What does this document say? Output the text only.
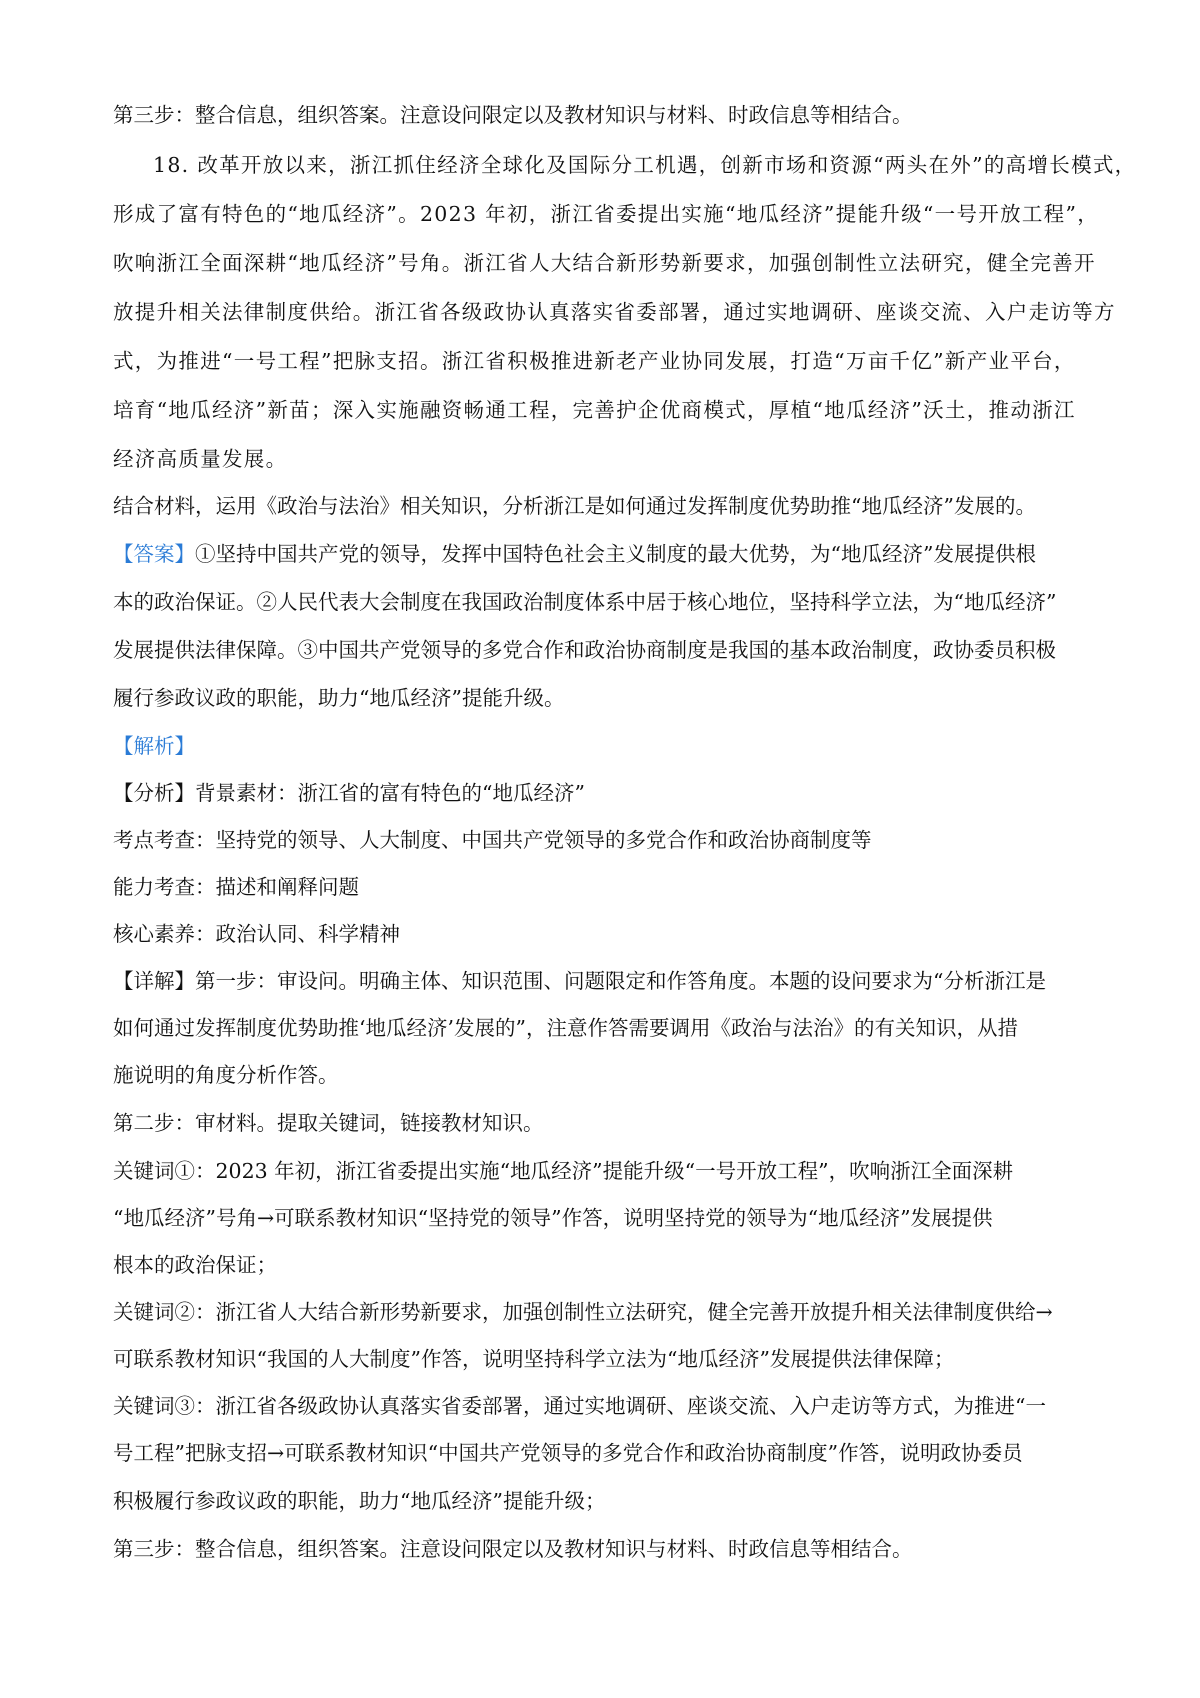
第三步：整合信息，组织答案。注意设问限定以及教材知识与材料、时政信息等相结合。
18. 改革开放以来，浙江抓住经济全球化及国际分工机遇，创新市场和资源“两头在外”的高增长模式，
形成了富有特色的“地瓜经济”。2023 年初，浙江省委提出实施“地瓜经济”提能升级“一号开放工程”，
吹响浙江全面深耕“地瓜经济”号角。浙江省人大结合新形势新要求，加强创制性立法研究，健全完善开
放提升相关法律制度供给。浙江省各级政协认真落实省委部署，通过实地调研、座谈交流、入户走访等方
式，为推进“一号工程”把脉支招。浙江省积极推进新老产业协同发展，打造“万亩千亿”新产业平台，
培育“地瓜经济”新苗；深入实施融资畅通工程，完善护企优商模式，厚植“地瓜经济”沃土，推动浙江
经济高质量发展。
结合材料，运用《政治与法治》相关知识，分析浙江是如何通过发挥制度优势助推“地瓜经济”发展的。
【答案】①坚持中国共产党的领导，发挥中国特色社会主义制度的最大优势，为“地瓜经济”发展提供根
本的政治保证。②人民代表大会制度在我国政治制度体系中居于核心地位，坚持科学立法，为“地瓜经济”
发展提供法律保障。③中国共产党领导的多党合作和政治协商制度是我国的基本政治制度，政协委员积极
履行参政议政的职能，助力“地瓜经济”提能升级。
【解析】
【分析】背景素材：浙江省的富有特色的“地瓜经济”
考点考查：坚持党的领导、人大制度、中国共产党领导的多党合作和政治协商制度等
能力考查：描述和阐释问题
核心素养：政治认同、科学精神
【详解】第一步：审设问。明确主体、知识范围、问题限定和作答角度。本题的设问要求为“分析浙江是
如何通过发挥制度优势助推‘地瓜经济’发展的”，注意作答需要调用《政治与法治》的有关知识，从措
施说明的角度分析作答。
第二步：审材料。提取关键词，链接教材知识。
关键词①：2023 年初，浙江省委提出实施“地瓜经济”提能升级“一号开放工程”，吹响浙江全面深耕
“地瓜经济”号角→可联系教材知识“坚持党的领导”作答，说明坚持党的领导为“地瓜经济”发展提供
根本的政治保证；
关键词②：浙江省人大结合新形势新要求，加强创制性立法研究，健全完善开放提升相关法律制度供给→
可联系教材知识“我国的人大制度”作答，说明坚持科学立法为“地瓜经济”发展提供法律保障；
关键词③：浙江省各级政协认真落实省委部署，通过实地调研、座谈交流、入户走访等方式，为推进“一
号工程”把脉支招→可联系教材知识“中国共产党领导的多党合作和政治协商制度”作答，说明政协委员
积极履行参政议政的职能，助力“地瓜经济”提能升级；
第三步：整合信息，组织答案。注意设问限定以及教材知识与材料、时政信息等相结合。
